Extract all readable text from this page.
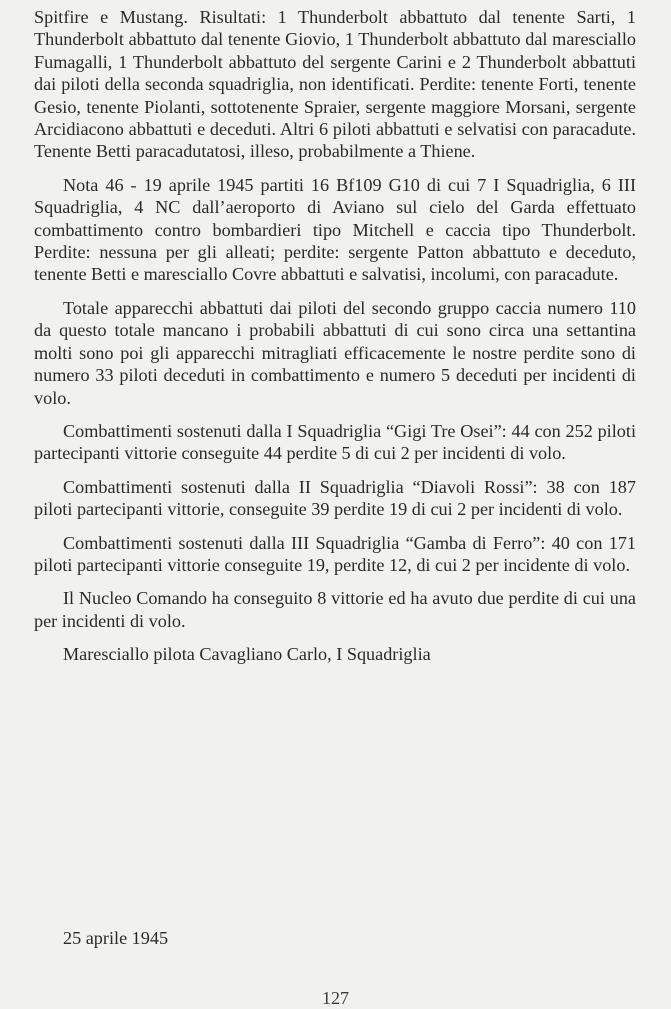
Spitfire e Mustang. Risultati: 1 Thunderbolt abbattuto dal tenente Sarti, 1 Thunderbolt abbattuto dal tenente Giovio, 1 Thunderbolt abbattuto dal maresciallo Fumagalli, 1 Thunderbolt abbattuto del sergente Carini e 2 Thunderbolt abbattuti dai piloti della seconda squadriglia, non identificati. Perdite: tenente Forti, tenente Gesio, tenente Piolanti, sottotenente Spraier, sergente maggiore Morsani, sergente Arcidiacono abbattuti e deceduti. Altri 6 piloti abbattuti e selvatisi con paracadute. Tenente Betti paracadutatosi, illeso, probabilmente a Thiene.

Nota 46 - 19 aprile 1945 partiti 16 Bf109 G10 di cui 7 I Squadriglia, 6 III Squadriglia, 4 NC dall’aeroporto di Aviano sul cielo del Garda effettuato combattimento contro bombardieri tipo Mitchell e caccia tipo Thunderbolt. Perdite: nessuna per gli alleati; perdite: sergente Patton abbattuto e deceduto, tenente Betti e maresciallo Covre abbattuti e salvatisi, incolumi, con paracadute.

Totale apparecchi abbattuti dai piloti del secondo gruppo caccia numero 110 da questo totale mancano i probabili abbattuti di cui sono circa una settantina molti sono poi gli apparecchi mitragliati efficacemente le nostre perdite sono di numero 33 piloti deceduti in combattimento e numero 5 deceduti per incidenti di volo.

Combattimenti sostenuti dalla I Squadriglia “Gigi Tre Osei”: 44 con 252 piloti partecipanti vittorie conseguite 44 perdite 5 di cui 2 per incidenti di volo.

Combattimenti sostenuti dalla II Squadriglia “Diavoli Rossi”: 38 con 187 piloti partecipanti vittorie, conseguite 39 perdite 19 di cui 2 per incidenti di volo.

Combattimenti sostenuti dalla III Squadriglia “Gamba di Ferro”: 40 con 171 piloti partecipanti vittorie conseguite 19, perdite 12, di cui 2 per incidente di volo.

Il Nucleo Comando ha conseguito 8 vittorie ed ha avuto due perdite di cui una per incidenti di volo.

Maresciallo pilota Cavagliano Carlo, I Squadriglia

25 aprile 1945

127
